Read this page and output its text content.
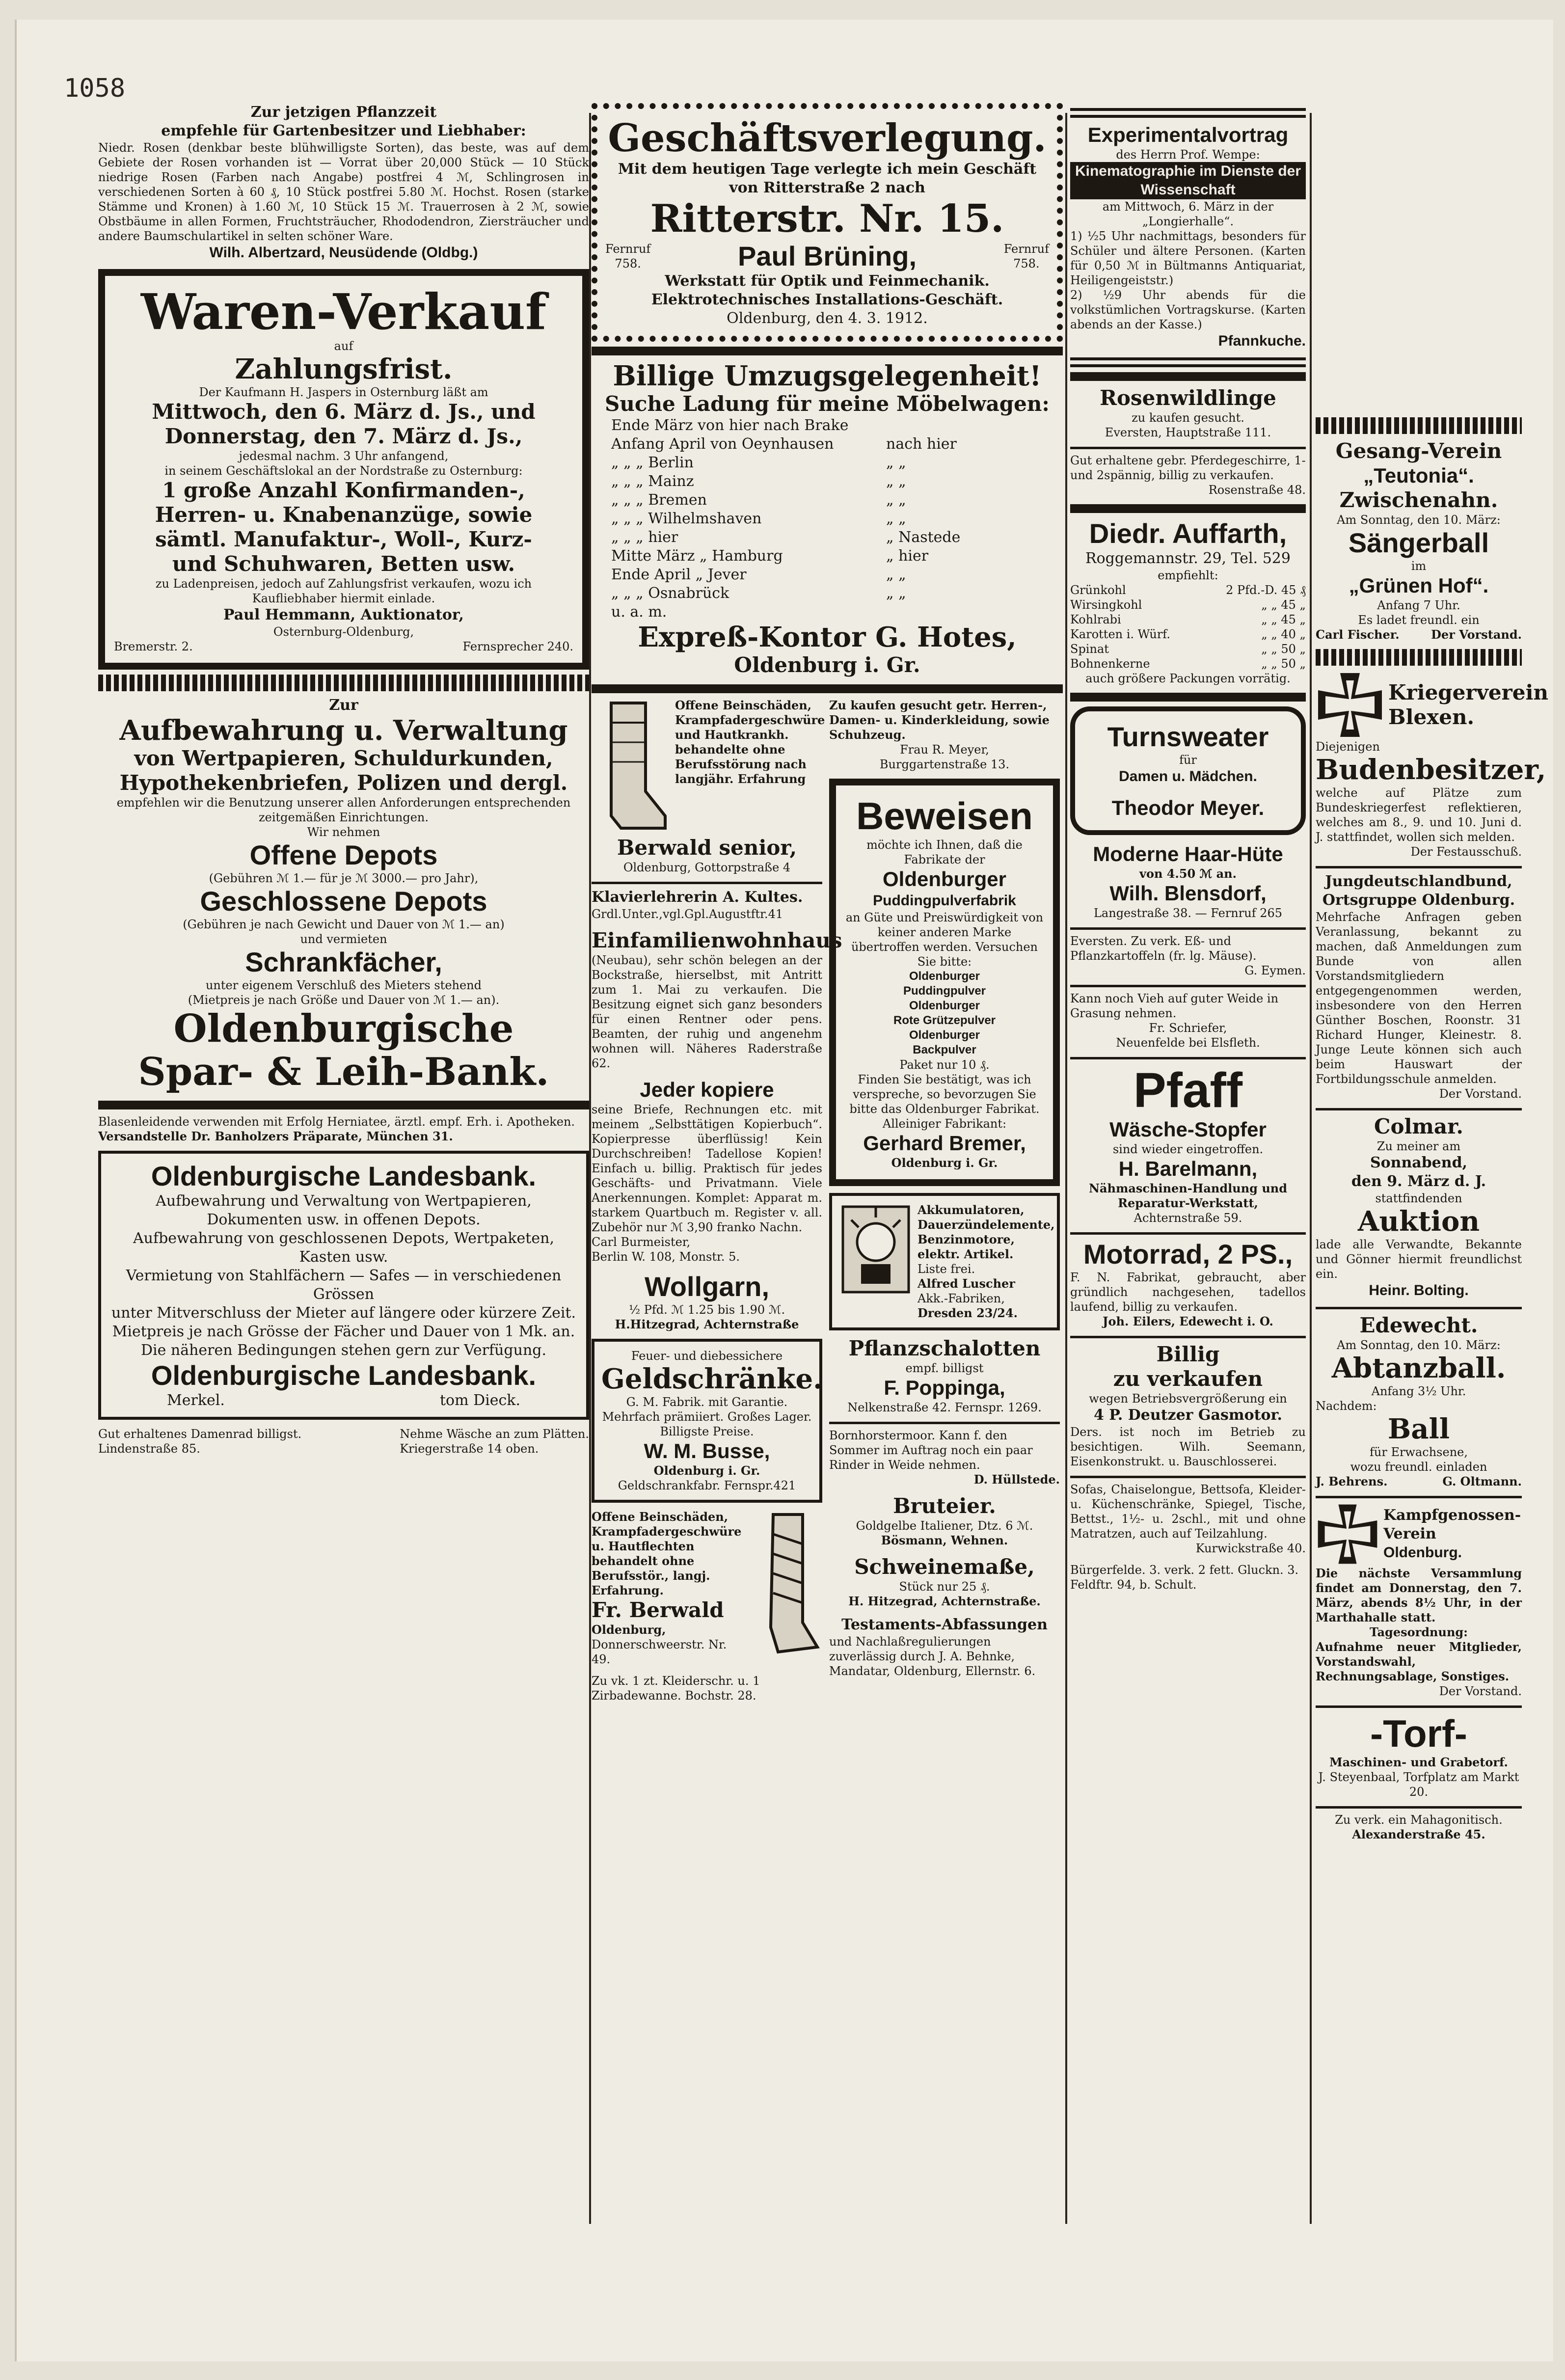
1058
Zur jetzigen Pflanzzeit
empfehle für Gartenbesitzer und Liebhaber:
Niedr. Rosen (denkbar beste blühwilligste Sorten), das beste, was auf dem Gebiete der Rosen vorhanden ist — Vorrat über 20,000 Stück — 10 Stück niedrige Rosen (Farben nach Angabe) postfrei 4 ℳ, Schlingrosen in verschiedenen Sorten à 60 ₰, 10 Stück postfrei 5.80 ℳ. Hochst. Rosen (starke Stämme und Kronen) à 1.60 ℳ, 10 Stück 15 ℳ. Trauerrosen à 2 ℳ, sowie Obstbäume in allen Formen, Fruchtsträucher, Rhododendron, Ziersträucher und andere Baumschulartikel in selten schöner Ware.
Wilh. Albertzard, Neusüdende (Oldbg.)
Waren-Verkauf
auf
Zahlungsfrist.
Der Kaufmann H. Jaspers in Osternburg läßt am
Mittwoch, den 6. März d. Js., und
Donnerstag, den 7. März d. Js.,
jedesmal nachm. 3 Uhr anfangend,
in seinem Geschäftslokal an der Nordstraße zu Osternburg:
1 große Anzahl Konfirmanden-,
Herren- u. Knabenanzüge, sowie
sämtl. Manufaktur-, Woll-, Kurz-
und Schuhwaren, Betten usw.
zu Ladenpreisen, jedoch auf Zahlungsfrist verkaufen, wozu ich Kaufliebhaber hiermit einlade.
Paul Hemmann, Auktionator,
Osternburg-Oldenburg,
Bremerstr. 2.	Fernsprecher 240.
Zur
Aufbewahrung u. Verwaltung
von Wertpapieren, Schuldurkunden,
Hypothekenbriefen, Polizen und dergl.
empfehlen wir die Benutzung unserer allen Anforderungen entsprechenden zeitgemäßen Einrichtungen.
Wir nehmen
Offene Depots
(Gebühren ℳ 1.— für je ℳ 3000.— pro Jahr),
Geschlossene Depots
(Gebühren je nach Gewicht und Dauer von ℳ 1.— an)
und vermieten
Schrankfächer,
unter eigenem Verschluß des Mieters stehend
(Mietpreis je nach Größe und Dauer von ℳ 1.— an).
Oldenburgische
Spar- & Leih-Bank.
Blasenleidende verwenden mit Erfolg Herniatee, ärztl. empf. Erh. i. Apotheken.
Versandstelle Dr. Banholzers Präparate, München 31.
Oldenburgische Landesbank.
Aufbewahrung und Verwaltung von Wertpapieren, Dokumenten usw. in offenen Depots.
Aufbewahrung von geschlossenen Depots, Wertpaketen, Kasten usw.
Vermietung von Stahlfächern — Safes — in verschiedenen Grössen
unter Mitverschluss der Mieter auf längere oder kürzere Zeit.
Mietpreis je nach Grösse der Fächer und Dauer von 1 Mk. an.
Die näheren Bedingungen stehen gern zur Verfügung.
Oldenburgische Landesbank.
Merkel.	tom Dieck.
Gut erhaltenes Damenrad billigst.
Lindenstraße 85.
Nehme Wäsche an zum Plätten.
Kriegerstraße 14 oben.
Geschäftsverlegung.
Mit dem heutigen Tage verlegte ich mein Geschäft von Ritterstraße 2 nach
Ritterstr. Nr. 15.
Fernruf
758.	Paul Brüning,	Fernruf
758.
Werkstatt für Optik und Feinmechanik.
Elektrotechnisches Installations-Geschäft.
Oldenburg, den 4. 3. 1912.
Billige Umzugsgelegenheit!
Suche Ladung für meine Möbelwagen:
Ende März von hier nach Brake
Anfang April von Oeynhausen	nach hier
„ „ „ Berlin	„ „
„ „ „ Mainz	„ „
„ „ „ Bremen	„ „
„ „ „ Wilhelmshaven	„ „
„ „ „ hier	„ Nastede
Mitte März „ Hamburg	„ hier
Ende April „ Jever	„ „
„ „ „ Osnabrück	„ „
u. a. m.
Expreß-Kontor G. Hotes,
Oldenburg i. Gr.
Offene Beinschäden, Krampfadergeschwüre und Hautkrankh. behandelte ohne Berufsstörung nach langjähr. Erfahrung
Berwald senior,
Oldenburg, Gottorpstraße 4
Klavierlehrerin A. Kultes.
Grdl.Unter.,vgl.Gpl.Augustftr.41
Einfamilienwohnhaus
(Neubau), sehr schön belegen an der Bockstraße, hierselbst, mit Antritt zum 1. Mai zu verkaufen. Die Besitzung eignet sich ganz besonders für einen Rentner oder pens. Beamten, der ruhig und angenehm wohnen will. Näheres Raderstraße 62.
Jeder kopiere
seine Briefe, Rechnungen etc. mit meinem „Selbsttätigen Kopierbuch“. Kopierpresse überflüssig! Kein Durchschreiben! Tadellose Kopien! Einfach u. billig. Praktisch für jedes Geschäfts- und Privatmann. Viele Anerkennungen. Komplet: Apparat m. starkem Quartbuch m. Register v. all. Zubehör nur ℳ 3,90 franko Nachn.
Carl Burmeister,
Berlin W. 108, Monstr. 5.
Wollgarn,
½ Pfd. ℳ 1.25 bis 1.90 ℳ.
H.Hitzegrad, Achternstraße
Feuer- und diebessichere
Geldschränke.
G. M. Fabrik. mit Garantie. Mehrfach prämiiert. Großes Lager. Billigste Preise.
W. M. Busse,
Oldenburg i. Gr.
Geldschrankfabr. Fernspr.421
Offene Beinschäden, Krampfadergeschwüre u. Hautflechten behandelt ohne Berufsstör., langj. Erfahrung.
Fr. Berwald
Oldenburg,
Donnerschweerstr. Nr. 49.
Zu vk. 1 zt. Kleiderschr. u. 1 Zirbadewanne. Bochstr. 28.
Zu kaufen gesucht getr. Herren-, Damen- u. Kinderkleidung, sowie Schuhzeug.
Frau R. Meyer,
Burggartenstraße 13.
Beweisen
möchte ich Ihnen, daß die Fabrikate der
Oldenburger
Puddingpulverfabrik
an Güte und Preiswürdigkeit von keiner anderen Marke übertroffen werden. Versuchen Sie bitte:
Oldenburger
Puddingpulver
Oldenburger
Rote Grützepulver
Oldenburger
Backpulver
Paket nur 10 ₰.
Finden Sie bestätigt, was ich verspreche, so bevorzugen Sie bitte das Oldenburger Fabrikat.
Alleiniger Fabrikant:
Gerhard Bremer,
Oldenburg i. Gr.
Akkumulatoren, Dauerzündelemente, Benzinmotore, elektr. Artikel.
Liste frei.
Alfred Luscher
Akk.-Fabriken,
Dresden 23/24.
Pflanzschalotten
empf. billigst
F. Poppinga,
Nelkenstraße 42. Fernspr. 1269.
Bornhorstermoor. Kann f. den Sommer im Auftrag noch ein paar Rinder in Weide nehmen.
D. Hüllstede.
Bruteier.
Goldgelbe Italiener, Dtz. 6 ℳ.
Bösmann, Wehnen.
Schweinemaße,
Stück nur 25 ₰.
H. Hitzegrad, Achternstraße.
Testaments-Abfassungen
und Nachlaßregulierungen zuverlässig durch J. A. Behnke, Mandatar, Oldenburg, Ellernstr. 6.
Experimentalvortrag
des Herrn Prof. Wempe:
Kinematographie im Dienste der Wissenschaft
am Mittwoch, 6. März in der „Longierhalle“.
1) ½5 Uhr nachmittags, besonders für Schüler und ältere Personen. (Karten für 0,50 ℳ in Bültmanns Antiquariat, Heiligengeiststr.)
2) ½9 Uhr abends für die volkstümlichen Vortragskurse. (Karten abends an der Kasse.)
Pfannkuche.
Rosenwildlinge
zu kaufen gesucht.
Eversten, Hauptstraße 111.
Gut erhaltene gebr. Pferdegeschirre, 1- und 2spännig, billig zu verkaufen.
Rosenstraße 48.
Diedr. Auffarth,
Roggemannstr. 29, Tel. 529
empfiehlt:
Grünkohl	2 Pfd.-D. 45 ₰
Wirsingkohl	„ „ 45 „
Kohlrabi	„ „ 45 „
Karotten i. Würf.	„ „ 40 „
Spinat	„ „ 50 „
Bohnenkerne	„ „ 50 „
auch größere Packungen vorrätig.
Turnsweater
für
Damen u. Mädchen.
Theodor Meyer.
Moderne Haar-Hüte
von 4.50 ℳ an.
Wilh. Blensdorf,
Langestraße 38. — Fernruf 265
Eversten. Zu verk. Eß- und Pflanzkartoffeln (fr. lg. Mäuse).
G. Eymen.
Kann noch Vieh auf guter Weide in Grasung nehmen.
Fr. Schriefer,
Neuenfelde bei Elsfleth.
Pfaff
Wäsche-Stopfer
sind wieder eingetroffen.
H. Barelmann,
Nähmaschinen-Handlung und Reparatur-Werkstatt,
Achternstraße 59.
Motorrad, 2 PS.,
F. N. Fabrikat, gebraucht, aber gründlich nachgesehen, tadellos laufend, billig zu verkaufen.
Joh. Eilers, Edewecht i. O.
Billig
zu verkaufen
wegen Betriebsvergrößerung ein
4 P. Deutzer Gasmotor.
Ders. ist noch im Betrieb zu besichtigen. Wilh. Seemann, Eisenkonstrukt. u. Bauschlosserei.
Sofas, Chaiselongue, Bettsofa, Kleider- u. Küchenschränke, Spiegel, Tische, Bettst., 1½- u. 2schl., mit und ohne Matratzen, auch auf Teilzahlung.
Kurwickstraße 40.
Bürgerfelde. 3. verk. 2 fett. Gluckn. 3. Feldftr. 94, b. Schult.
Gesang-Verein
„Teutonia“.
Zwischenahn.
Am Sonntag, den 10. März:
Sängerball
im
„Grünen Hof“.
Anfang 7 Uhr.
Es ladet freundl. ein
Carl Fischer.	Der Vorstand.
Kriegerverein Blexen.
Diejenigen
Budenbesitzer,
welche auf Plätze zum Bundeskriegerfest reflektieren, welches am 8., 9. und 10. Juni d. J. stattfindet, wollen sich melden.
Der Festausschuß.
Jungdeutschlandbund,
Ortsgruppe Oldenburg.
Mehrfache Anfragen geben Veranlassung, bekannt zu machen, daß Anmeldungen zum Bunde von allen Vorstandsmitgliedern entgegengenommen werden, insbesondere von den Herren Günther Boschen, Roonstr. 31 Richard Hunger, Kleinestr. 8. Junge Leute können sich auch beim Hauswart der Fortbildungsschule anmelden.
Der Vorstand.
Colmar.
Zu meiner am
Sonnabend,
den 9. März d. J.
stattfindenden
Auktion
lade alle Verwandte, Bekannte und Gönner hiermit freundlichst ein.
Heinr. Bolting.
Edewecht.
Am Sonntag, den 10. März:
Abtanzball.
Anfang 3½ Uhr.
Nachdem:
Ball
für Erwachsene,
wozu freundl. einladen
J. Behrens.	G. Oltmann.
Kampfgenossen-Verein
Oldenburg.
Die nächste Versammlung findet am Donnerstag, den 7. März, abends 8½ Uhr, in der Marthahalle statt.
Tagesordnung:
Aufnahme neuer Mitglieder, Vorstandswahl, Rechnungsablage, Sonstiges.
Der Vorstand.
-Torf-
Maschinen- und Grabetorf.
J. Steyenbaal, Torfplatz am Markt 20.
Zu verk. ein Mahagonitisch.
Alexanderstraße 45.
